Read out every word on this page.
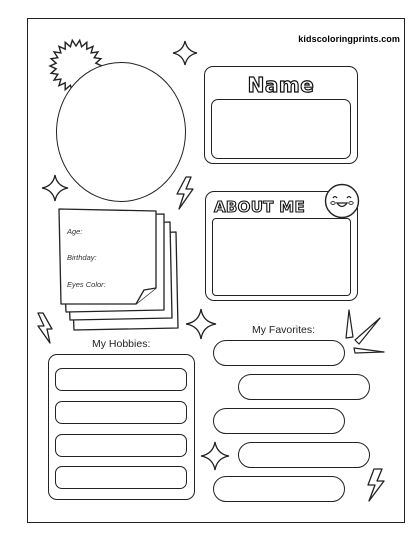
kidscoloringprints.com
Name
ABOUT ME
Age:
Birthday:
Eyes Color:
My Hobbies:
My Favorites:
